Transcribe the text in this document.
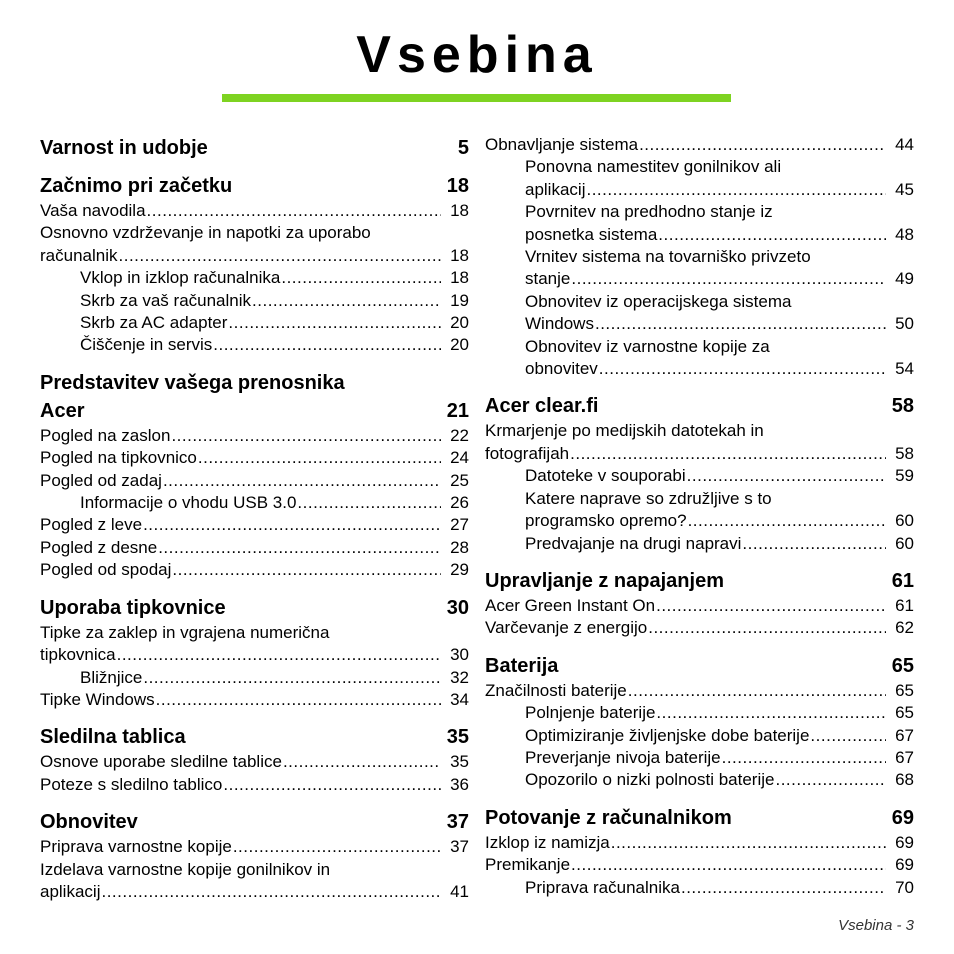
Vsebina
Varnost in udobje	5
Začnimo pri začetku	18
Vaša navodila .....	18
Osnovno vzdrževanje in napotki za uporabo
računalnik .....	18
Vklop in izklop računalnika .....	18
Skrb za vaš računalnik .....	19
Skrb za AC adapter .....	20
Čiščenje in servis .....	20
Predstavitev vašega prenosnika
Acer	21
Pogled na zaslon .....	22
Pogled na tipkovnico .....	24
Pogled od zadaj .....	25
Informacije o vhodu USB 3.0 .....	26
Pogled z leve .....	27
Pogled z desne .....	28
Pogled od spodaj .....	29
Uporaba tipkovnice	30
Tipke za zaklep in vgrajena numerična
tipkovnica .....	30
Bližnjice .....	32
Tipke Windows .....	34
Sledilna tablica	35
Osnove uporabe sledilne tablice .....	35
Poteze s sledilno tablico .....	36
Obnovitev	37
Priprava varnostne kopije .....	37
Izdelava varnostne kopije gonilnikov in
aplikacij .....	41
Obnavljanje sistema .....	44
Ponovna namestitev gonilnikov ali
aplikacij .....	45
Povrnitev na predhodno stanje iz
posnetka sistema .....	48
Vrnitev sistema na tovarniško privzeto
stanje .....	49
Obnovitev iz operacijskega sistema
Windows .....	50
Obnovitev iz varnostne kopije za
obnovitev .....	54
Acer clear.fi	58
Krmarjenje po medijskih datotekah in
fotografijah .....	58
Datoteke v souporabi .....	59
Katere naprave so združljive s to
programsko opremo? .....	60
Predvajanje na drugi napravi .....	60
Upravljanje z napajanjem	61
Acer Green Instant On .....	61
Varčevanje z energijo .....	62
Baterija	65
Značilnosti baterije .....	65
Polnjenje baterije .....	65
Optimiziranje življenjske dobe baterije .....	67
Preverjanje nivoja baterije .....	67
Opozorilo o nizki polnosti baterije .....	68
Potovanje z računalnikom	69
Izklop iz namizja .....	69
Premikanje .....	69
Priprava računalnika .....	70
Vsebina - 3
